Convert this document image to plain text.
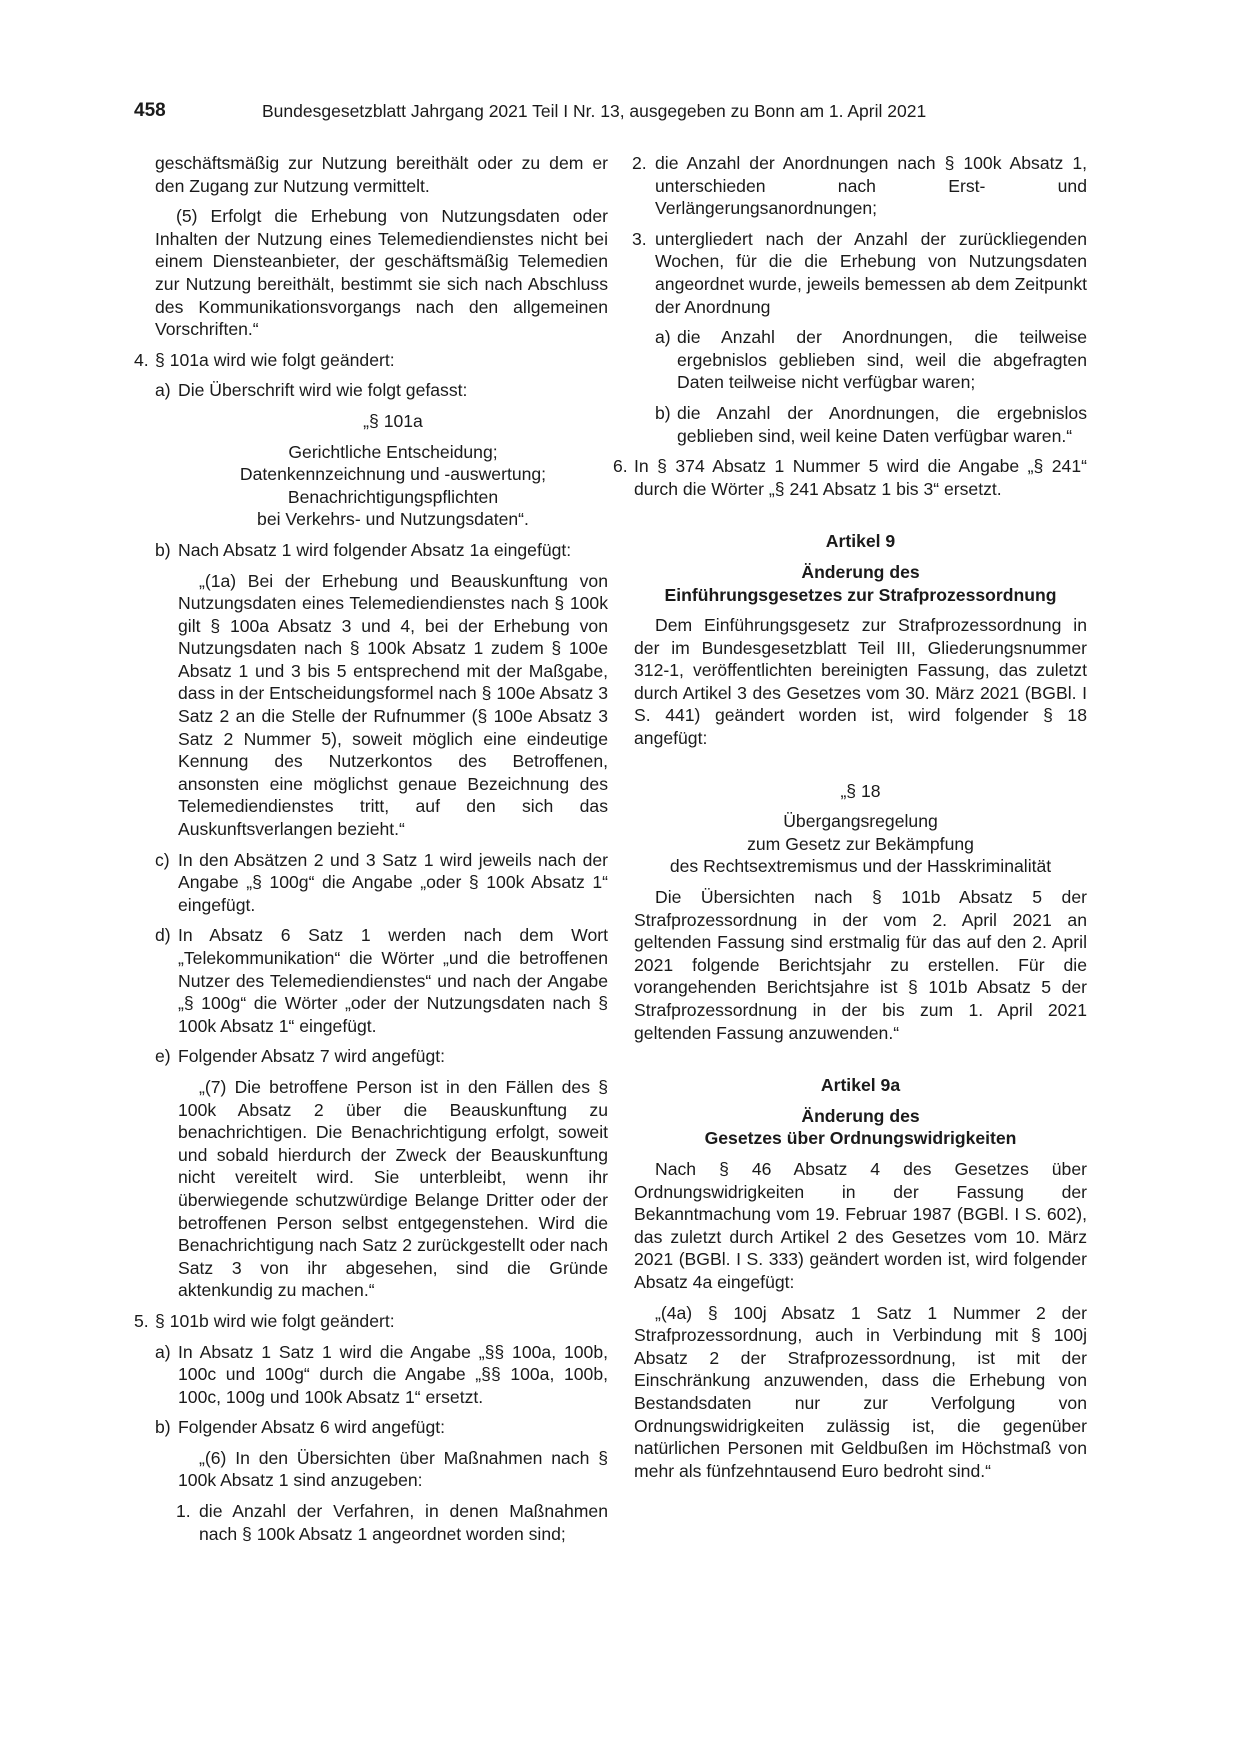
458	Bundesgesetzblatt Jahrgang 2021 Teil I Nr. 13, ausgegeben zu Bonn am 1. April 2021

geschäftsmäßig zur Nutzung bereithält oder zu dem er den Zugang zur Nutzung vermittelt.

(5) Erfolgt die Erhebung von Nutzungsdaten oder Inhalten der Nutzung eines Telemediendienstes nicht bei einem Diensteanbieter, der geschäftsmäßig Telemedien zur Nutzung bereithält, bestimmt sie sich nach Abschluss des Kommunikationsvorgangs nach den allgemeinen Vorschriften.“

4. § 101a wird wie folgt geändert:
a) Die Überschrift wird wie folgt gefasst:
„§ 101a
Gerichtliche Entscheidung;
Datenkennzeichnung und -auswertung;
Benachrichtigungspflichten
bei Verkehrs- und Nutzungsdaten“.
b) Nach Absatz 1 wird folgender Absatz 1a eingefügt:

„(1a) Bei der Erhebung und Beauskunftung von Nutzungsdaten eines Telemediendienstes nach § 100k gilt § 100a Absatz 3 und 4, bei der Erhebung von Nutzungsdaten nach § 100k Absatz 1 zudem § 100e Absatz 1 und 3 bis 5 entsprechend mit der Maßgabe, dass in der Entscheidungsformel nach § 100e Absatz 3 Satz 2 an die Stelle der Rufnummer (§ 100e Absatz 3 Satz 2 Nummer 5), soweit möglich eine eindeutige Kennung des Nutzerkontos des Betroffenen, ansonsten eine möglichst genaue Bezeichnung des Telemediendienstes tritt, auf den sich das Auskunftsverlangen bezieht.“

c) In den Absätzen 2 und 3 Satz 1 wird jeweils nach der Angabe „§ 100g“ die Angabe „oder § 100k Absatz 1“ eingefügt.
d) In Absatz 6 Satz 1 werden nach dem Wort „Telekommunikation“ die Wörter „und die betroffenen Nutzer des Telemediendienstes“ und nach der Angabe „§ 100g“ die Wörter „oder der Nutzungsdaten nach § 100k Absatz 1“ eingefügt.
e) Folgender Absatz 7 wird angefügt:

„(7) Die betroffene Person ist in den Fällen des § 100k Absatz 2 über die Beauskunftung zu benachrichtigen. Die Benachrichtigung erfolgt, soweit und sobald hierdurch der Zweck der Beauskunftung nicht vereitelt wird. Sie unterbleibt, wenn ihr überwiegende schutzwürdige Belange Dritter oder der betroffenen Person selbst entgegenstehen. Wird die Benachrichtigung nach Satz 2 zurückgestellt oder nach Satz 3 von ihr abgesehen, sind die Gründe aktenkundig zu machen.“

5. § 101b wird wie folgt geändert:
a) In Absatz 1 Satz 1 wird die Angabe „§§ 100a, 100b, 100c und 100g“ durch die Angabe „§§ 100a, 100b, 100c, 100g und 100k Absatz 1“ ersetzt.
b) Folgender Absatz 6 wird angefügt:

„(6) In den Übersichten über Maßnahmen nach § 100k Absatz 1 sind anzugeben:

1. die Anzahl der Verfahren, in denen Maßnahmen nach § 100k Absatz 1 angeordnet worden sind;
2. die Anzahl der Anordnungen nach § 100k Absatz 1, unterschieden nach Erst- und Verlängerungsanordnungen;
3. untergliedert nach der Anzahl der zurückliegenden Wochen, für die die Erhebung von Nutzungsdaten angeordnet wurde, jeweils bemessen ab dem Zeitpunkt der Anordnung
a) die Anzahl der Anordnungen, die teilweise ergebnislos geblieben sind, weil die abgefragten Daten teilweise nicht verfügbar waren;
b) die Anzahl der Anordnungen, die ergebnislos geblieben sind, weil keine Daten verfügbar waren.“
6. In § 374 Absatz 1 Nummer 5 wird die Angabe „§ 241“ durch die Wörter „§ 241 Absatz 1 bis 3“ ersetzt.
Artikel 9
Änderung des
Einführungsgesetzes zur Strafprozessordnung

Dem Einführungsgesetz zur Strafprozessordnung in der im Bundesgesetzblatt Teil III, Gliederungsnummer 312-1, veröffentlichten bereinigten Fassung, das zuletzt durch Artikel 3 des Gesetzes vom 30. März 2021 (BGBl. I S. 441) geändert worden ist, wird folgender § 18 angefügt:

„§ 18
Übergangsregelung
zum Gesetz zur Bekämpfung
des Rechtsextremismus und der Hasskriminalität

Die Übersichten nach § 101b Absatz 5 der Strafprozessordnung in der vom 2. April 2021 an geltenden Fassung sind erstmalig für das auf den 2. April 2021 folgende Berichtsjahr zu erstellen. Für die vorangehenden Berichtsjahre ist § 101b Absatz 5 der Strafprozessordnung in der bis zum 1. April 2021 geltenden Fassung anzuwenden.“

Artikel 9a
Änderung des
Gesetzes über Ordnungswidrigkeiten

Nach § 46 Absatz 4 des Gesetzes über Ordnungswidrigkeiten in der Fassung der Bekanntmachung vom 19. Februar 1987 (BGBl. I S. 602), das zuletzt durch Artikel 2 des Gesetzes vom 10. März 2021 (BGBl. I S. 333) geändert worden ist, wird folgender Absatz 4a eingefügt:

„(4a) § 100j Absatz 1 Satz 1 Nummer 2 der Strafprozessordnung, auch in Verbindung mit § 100j Absatz 2 der Strafprozessordnung, ist mit der Einschränkung anzuwenden, dass die Erhebung von Bestandsdaten nur zur Verfolgung von Ordnungswidrigkeiten zulässig ist, die gegenüber natürlichen Personen mit Geldbußen im Höchstmaß von mehr als fünfzehntausend Euro bedroht sind.“
